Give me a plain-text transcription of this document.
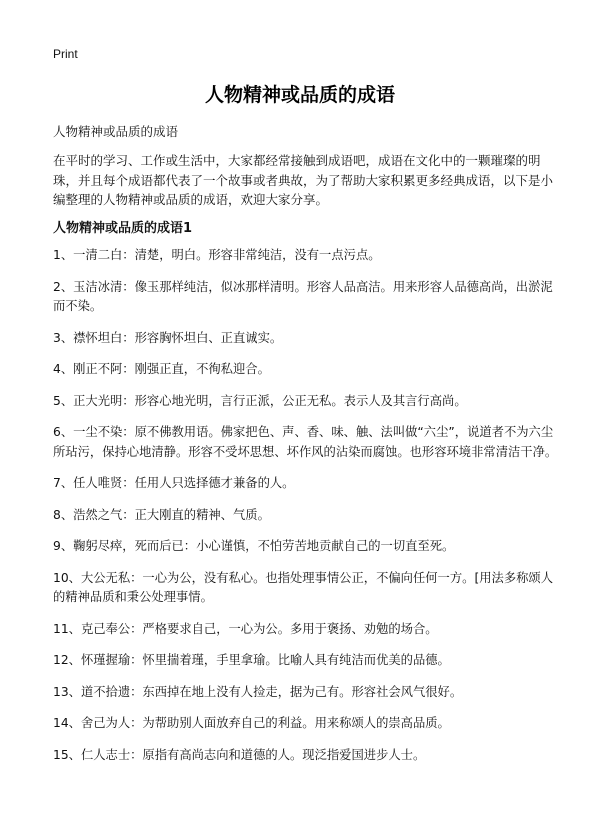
Print
人物精神或品质的成语

人物精神或品质的成语

在平时的学习、工作或生活中，大家都经常接触到成语吧，成语在文化中的一颗璀璨的明珠，并且每个成语都代表了一个故事或者典故，为了帮助大家积累更多经典成语，以下是小编整理的人物精神或品质的成语，欢迎大家分享。

人物精神或品质的成语1
1、一清二白：清楚，明白。形容非常纯洁，没有一点污点。
2、玉洁冰清：像玉那样纯洁，似冰那样清明。形容人品高洁。用来形容人品德高尚，出淤泥而不染。
3、襟怀坦白：形容胸怀坦白、正直诚实。
4、刚正不阿：刚强正直，不徇私迎合。
5、正大光明：形容心地光明，言行正派，公正无私。表示人及其言行高尚。
6、一尘不染：原不佛教用语。佛家把色、声、香、味、触、法叫做“六尘”，说道者不为六尘所玷污，保持心地清静。形容不受坏思想、坏作风的沾染而腐蚀。也形容环境非常清洁干净。
7、任人唯贤：任用人只选择德才兼备的人。
8、浩然之气：正大刚直的精神、气质。
9、鞠躬尽瘁，死而后已：小心谨慎，不怕劳苦地贡献自己的一切直至死。
10、大公无私：一心为公，没有私心。也指处理事情公正，不偏向任何一方。[用法多称颂人的精神品质和秉公处理事情。
11、克己奉公：严格要求自己，一心为公。多用于褒扬、劝勉的场合。
12、怀瑾握瑜：怀里揣着瑾，手里拿瑜。比喻人具有纯洁而优美的品德。
13、道不拾遗：东西掉在地上没有人捡走，据为己有。形容社会风气很好。
14、舍己为人：为帮助别人面放弃自己的利益。用来称颂人的崇高品质。
15、仁人志士：原指有高尚志向和道德的人。现泛指爱国进步人士。
